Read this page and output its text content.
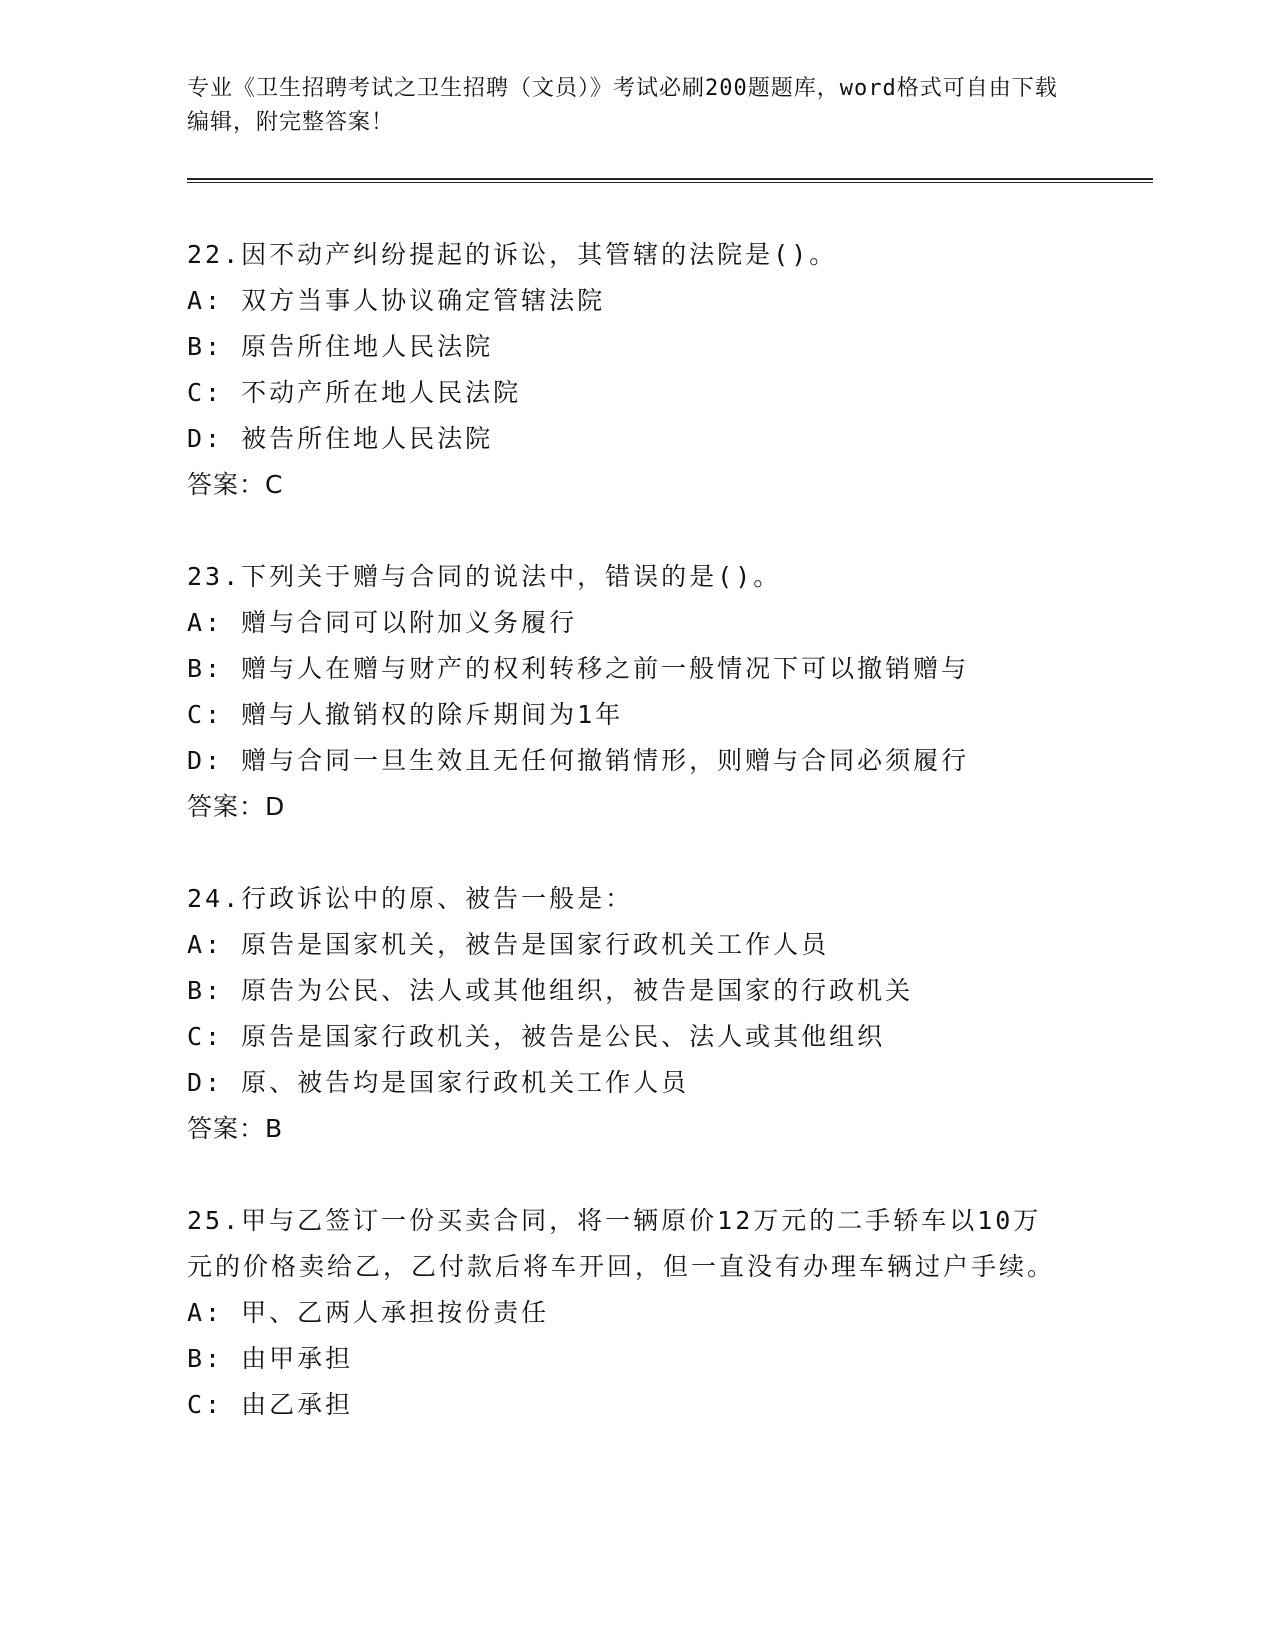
专业《卫生招聘考试之卫生招聘（文员）》考试必刷200题题库，word格式可自由下载编辑，附完整答案！
22.因不动产纠纷提起的诉讼，其管辖的法院是()。
A: 双方当事人协议确定管辖法院
B: 原告所住地人民法院
C: 不动产所在地人民法院
D: 被告所住地人民法院
答案：C
23.下列关于赠与合同的说法中，错误的是()。
A: 赠与合同可以附加义务履行
B: 赠与人在赠与财产的权利转移之前一般情况下可以撤销赠与
C: 赠与人撤销权的除斥期间为1年
D: 赠与合同一旦生效且无任何撤销情形，则赠与合同必须履行
答案：D
24.行政诉讼中的原、被告一般是：
A: 原告是国家机关，被告是国家行政机关工作人员
B: 原告为公民、法人或其他组织，被告是国家的行政机关
C: 原告是国家行政机关，被告是公民、法人或其他组织
D: 原、被告均是国家行政机关工作人员
答案：B
25.甲与乙签订一份买卖合同，将一辆原价12万元的二手轿车以10万元的价格卖给乙，乙付款后将车开回，但一直没有办理车辆过户手续。
A: 甲、乙两人承担按份责任
B: 由甲承担
C: 由乙承担
